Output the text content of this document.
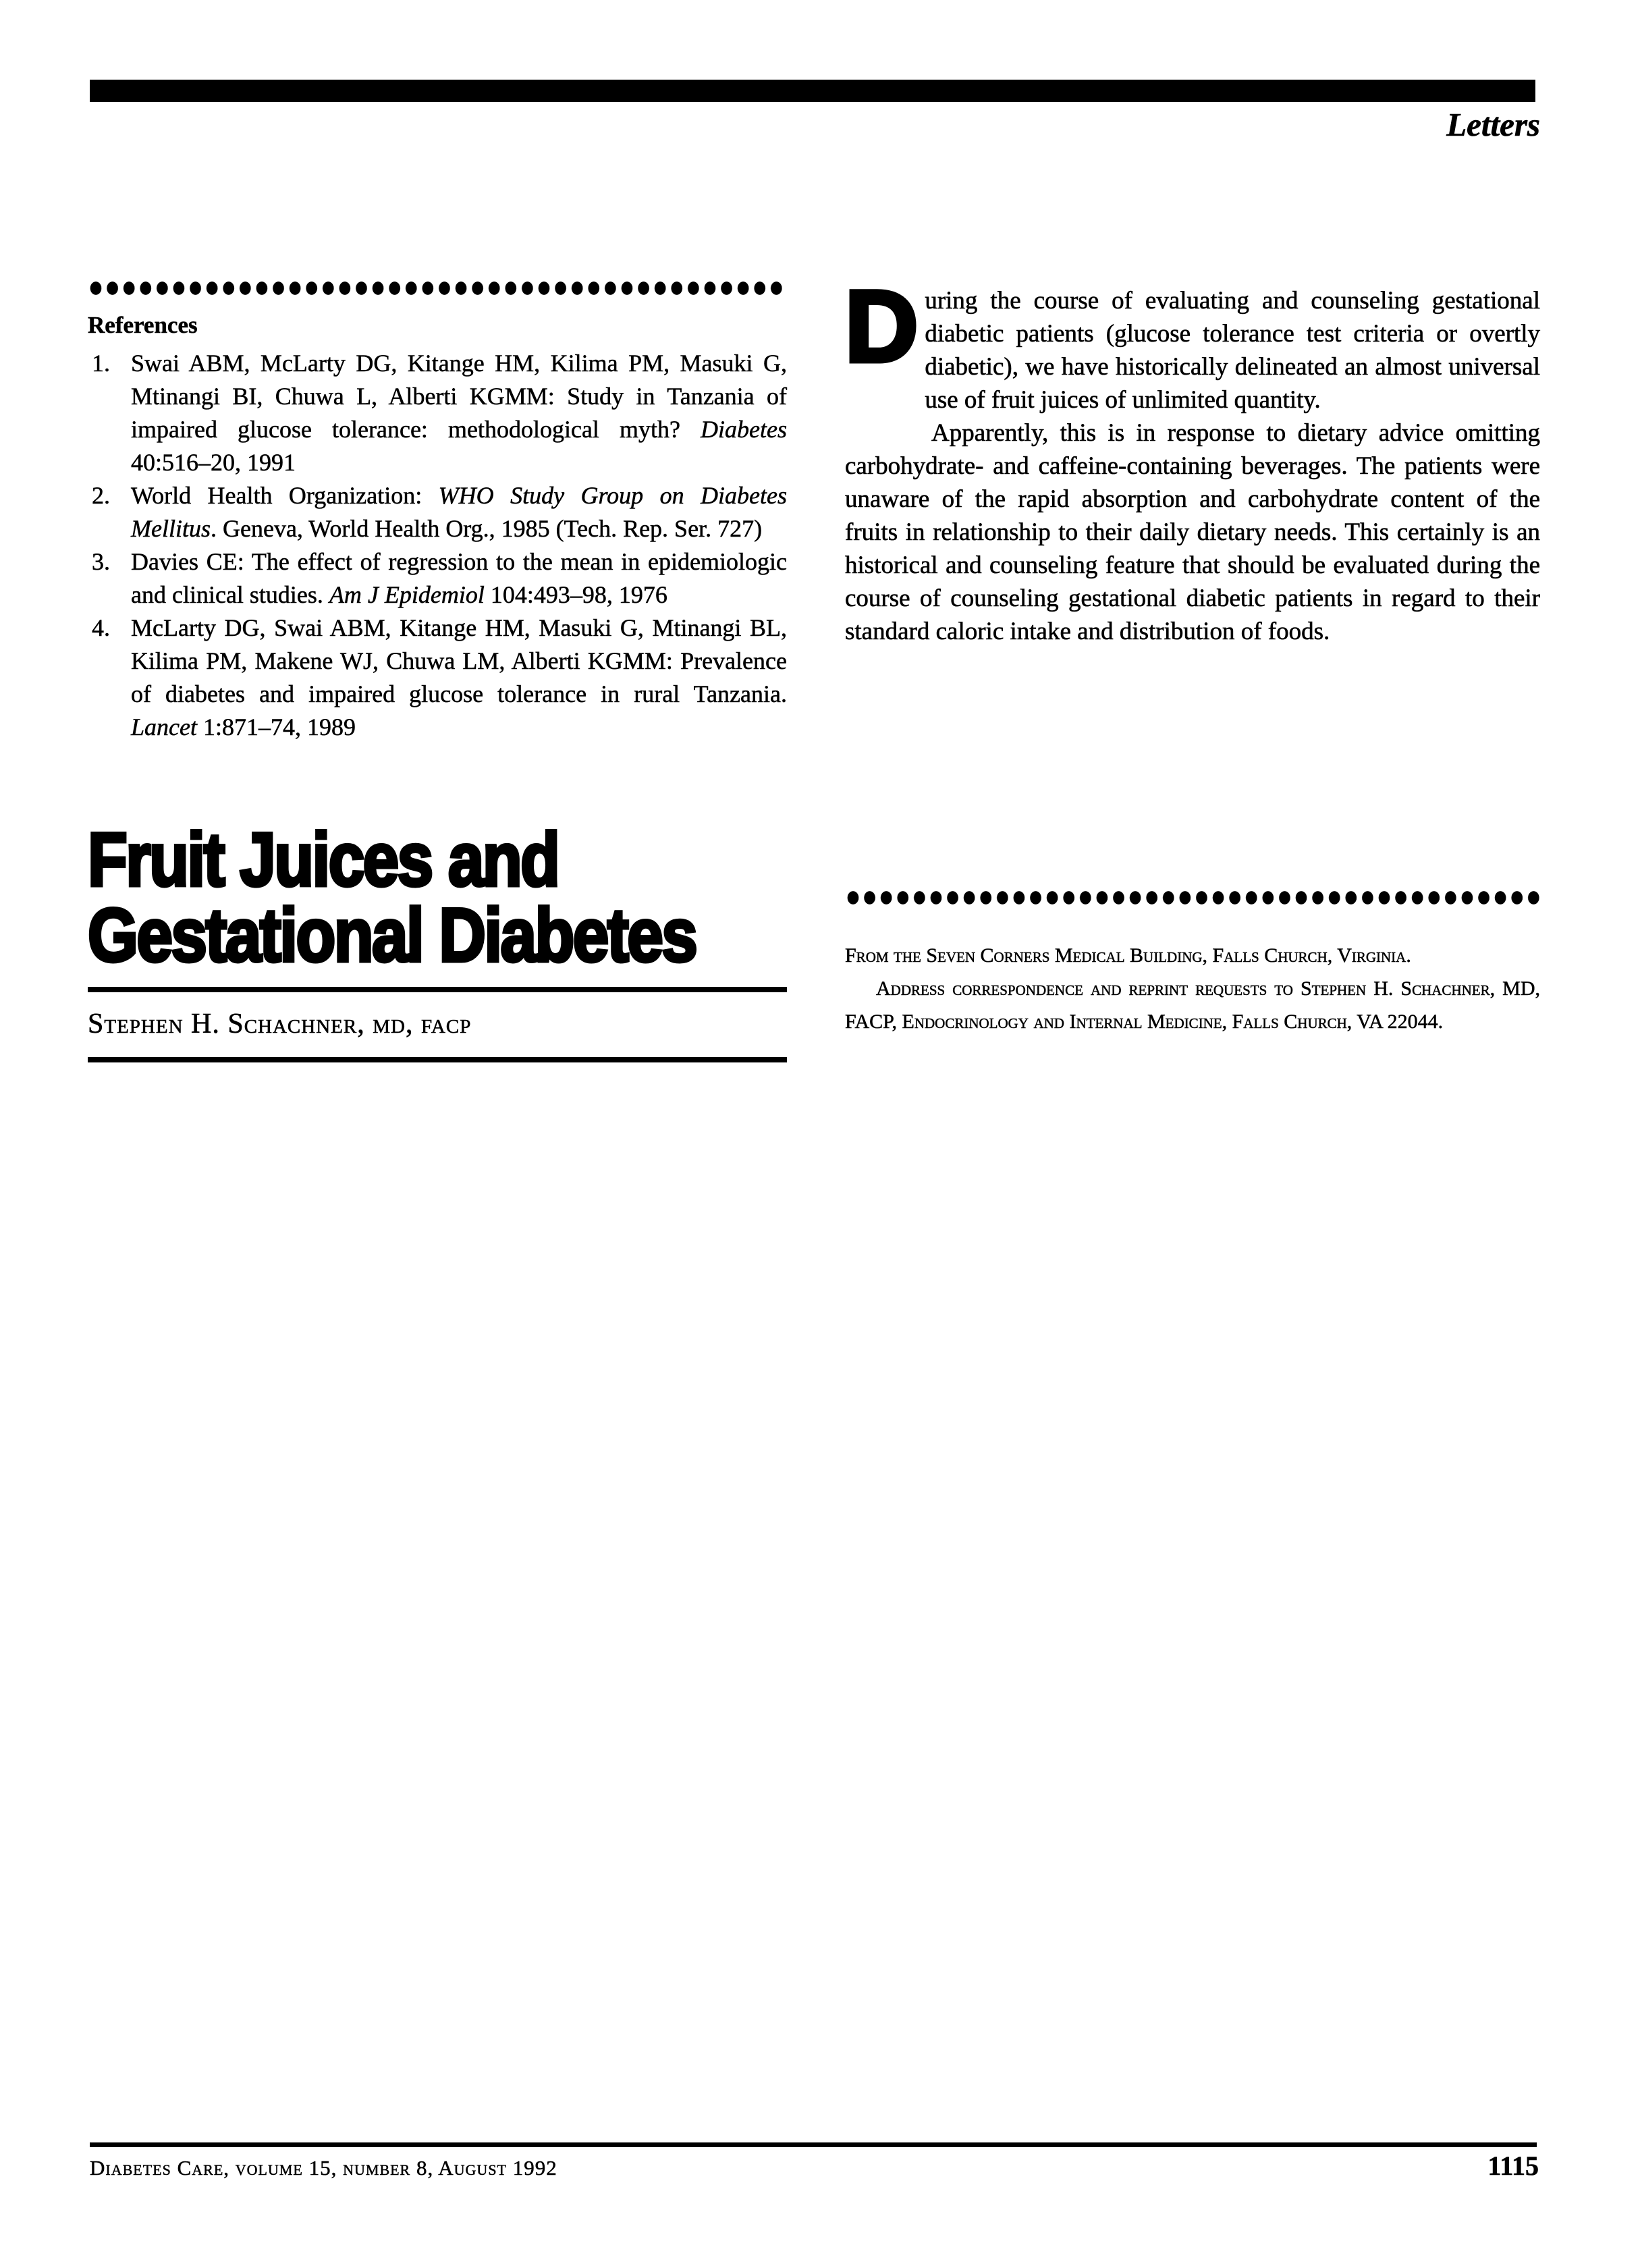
Letters
References
1. Swai ABM, McLarty DG, Kitange HM, Kilima PM, Masuki G, Mtinangi BI, Chuwa L, Alberti KGMM: Study in Tanzania of impaired glucose tolerance: methodological myth? Diabetes 40:516–20, 1991
2. World Health Organization: WHO Study Group on Diabetes Mellitus. Geneva, World Health Org., 1985 (Tech. Rep. Ser. 727)
3. Davies CE: The effect of regression to the mean in epidemiologic and clinical studies. Am J Epidemiol 104:493–98, 1976
4. McLarty DG, Swai ABM, Kitange HM, Masuki G, Mtinangi BL, Kilima PM, Makene WJ, Chuwa LM, Alberti KGMM: Prevalence of diabetes and impaired glucose tolerance in rural Tanzania. Lancet 1:871–74, 1989

During the course of evaluating and counseling gestational diabetic patients (glucose tolerance test criteria or overtly diabetic), we have historically delineated an almost universal use of fruit juices of unlimited quantity.

Apparently, this is in response to dietary advice omitting carbohydrate- and caffeine-containing beverages. The patients were unaware of the rapid absorption and carbohydrate content of the fruits in relationship to their daily dietary needs. This certainly is an historical and counseling feature that should be evaluated during the course of counseling gestational diabetic patients in regard to their standard caloric intake and distribution of foods.

Fruit Juices and
Gestational Diabetes
Stephen H. Schachner, md, facp

From the Seven Corners Medical Building, Falls Church, Virginia.

Address correspondence and reprint requests to Stephen H. Schachner, MD, FACP, Endocrinology and Internal Medicine, Falls Church, VA 22044.

Diabetes Care, volume 15, number 8, August 1992	1115
